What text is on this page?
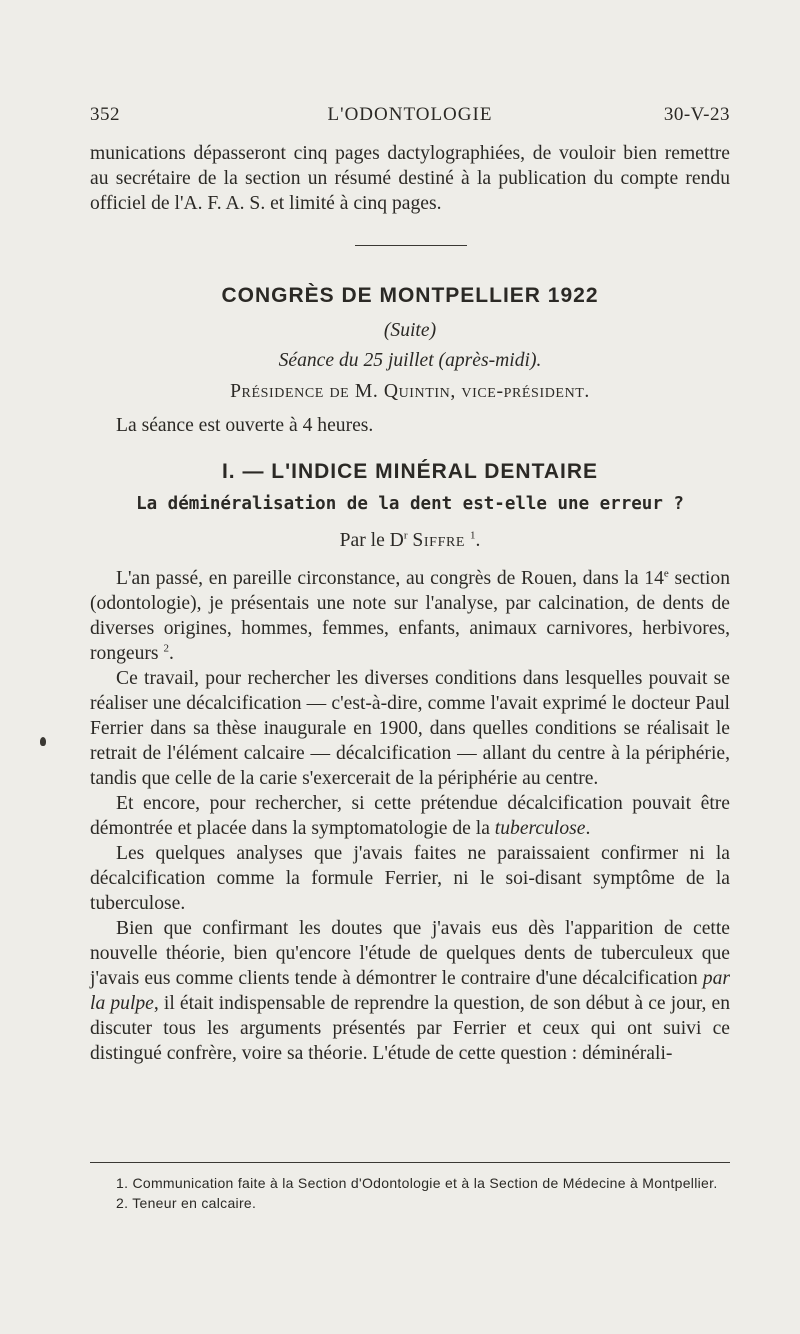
352	L'ODONTOLOGIE	30-V-23

munications dépasseront cinq pages dactylographiées, de vouloir bien remettre au secrétaire de la section un résumé destiné à la publication du compte rendu officiel de l'A. F. A. S. et limité à cinq pages.

CONGRÈS DE MONTPELLIER 1922
(Suite)
Séance du 25 juillet (après-midi).
Présidence de M. Quintin, vice-président.
La séance est ouverte à 4 heures.
I. — L'INDICE MINÉRAL DENTAIRE
La déminéralisation de la dent est-elle une erreur ?
Par le $D^r$ Siffre $^1$.

L'an passé, en pareille circonstance, au congrès de Rouen, dans la 14e section (odontologie), je présentais une note sur l'analyse, par calcination, de dents de diverses origines, hommes, femmes, enfants, animaux carnivores, herbivores, rongeurs $^2$.

Ce travail, pour rechercher les diverses conditions dans lesquelles pouvait se réaliser une décalcification — c'est-à-dire, comme l'avait exprimé le docteur Paul Ferrier dans sa thèse inaugurale en 1900, dans quelles conditions se réalisait le retrait de l'élément calcaire — décalcification — allant du centre à la périphérie, tandis que celle de la carie s'exercerait de la périphérie au centre.

Et encore, pour rechercher, si cette prétendue décalcification pouvait être démontrée et placée dans la symptomatologie de la tuberculose.

Les quelques analyses que j'avais faites ne paraissaient confirmer ni la décalcification comme la formule Ferrier, ni le soi-disant symptôme de la tuberculose.

Bien que confirmant les doutes que j'avais eus dès l'apparition de cette nouvelle théorie, bien qu'encore l'étude de quelques dents de tuberculeux que j'avais eus comme clients tende à démontrer le contraire d'une décalcification par la pulpe, il était indispensable de reprendre la question, de son début à ce jour, en discuter tous les arguments présentés par Ferrier et ceux qui ont suivi ce distingué confrère, voire sa théorie. L'étude de cette question : déminérali-

1. Communication faite à la Section d'Odontologie et à la Section de Médecine à Montpellier.

2. Teneur en calcaire.
